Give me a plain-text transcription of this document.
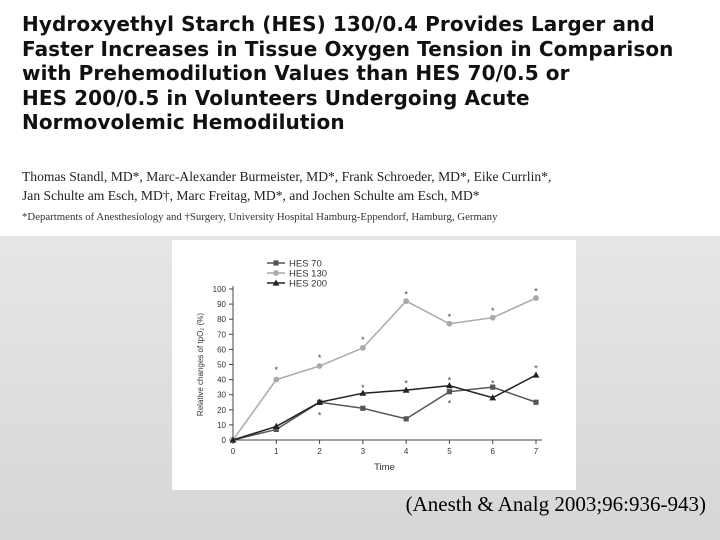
Hydroxyethyl Starch (HES) 130/0.4 Provides Larger and
Faster Increases in Tissue Oxygen Tension in Comparison
with Prehemodilution Values than HES 70/0.5 or
HES 200/0.5 in Volunteers Undergoing Acute
Normovolemic Hemodilution
Thomas Standl, MD*, Marc-Alexander Burmeister, MD*, Frank Schroeder, MD*, Eike Currlin*,
Jan Schulte am Esch, MD†, Marc Freitag, MD*, and Jochen Schulte am Esch, MD*
*Departments of Anesthesiology and †Surgery, University Hospital Hamburg-Eppendorf, Hamburg, Germany
0
10
20
30
40
50
60
70
80
90
100
0	1	2	3	4	5	6	7
Time
Relative changes of tpO₂ (%)	*
*
*
*
*
*
*
*
*	*	*
*
*
*
HES 70
HES 130
HES 200
(Anesth & Analg 2003;96:936-943)
